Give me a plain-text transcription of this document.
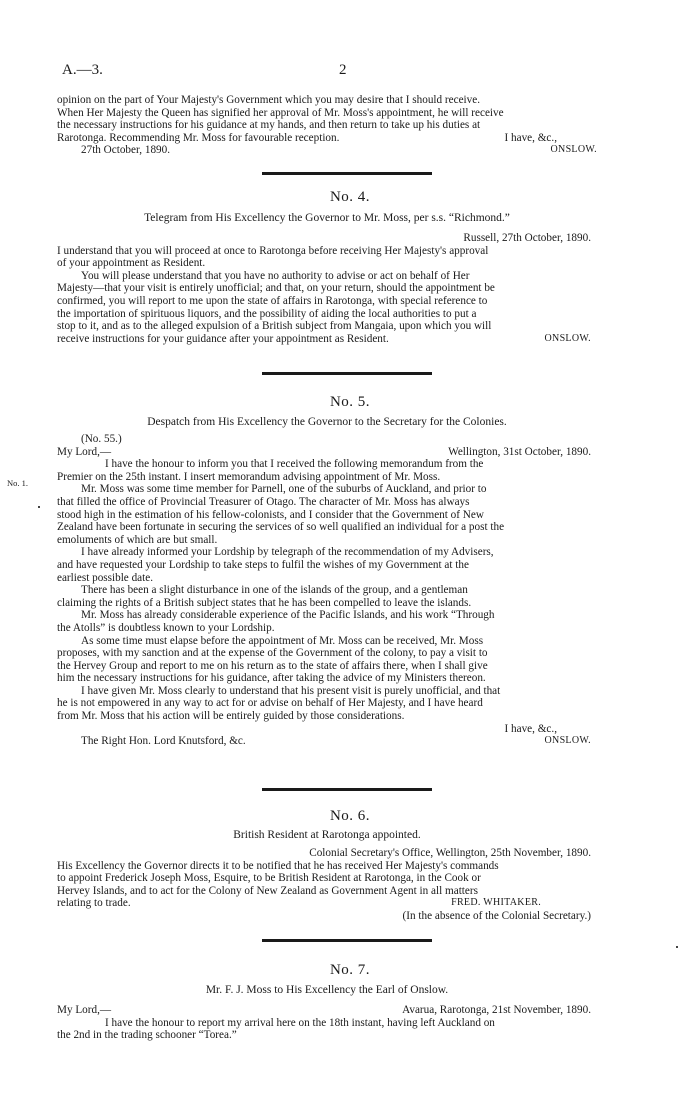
A.—3.	2
opinion on the part of Your Majesty's Government which you may desire that I should receive.
When Her Majesty the Queen has signified her approval of Mr. Moss's appointment, he will receive
the necessary instructions for his guidance at my hands, and then return to take up his duties at
Rarotonga. Recommending Mr. Moss for favourable reception.	I have, &c.,
27th October, 1890.	ONSLOW.
No. 4.
Telegram from His Excellency the Governor to Mr. Moss, per s.s. “Richmond.”
Russell, 27th October, 1890.
I understand that you will proceed at once to Rarotonga before receiving Her Majesty's approval
of your appointment as Resident.
You will please understand that you have no authority to advise or act on behalf of Her
Majesty—that your visit is entirely unofficial; and that, on your return, should the appointment be
confirmed, you will report to me upon the state of affairs in Rarotonga, with special reference to
the importation of spirituous liquors, and the possibility of aiding the local authorities to put a
stop to it, and as to the alleged expulsion of a British subject from Mangaia, upon which you will
receive instructions for your guidance after your appointment as Resident.	ONSLOW.
No. 5.
Despatch from His Excellency the Governor to the Secretary for the Colonies.
No. 1.
(No. 55.)
My Lord,—	Wellington, 31st October, 1890.
I have the honour to inform you that I received the following memorandum from the
Premier on the 25th instant. I insert memorandum advising appointment of Mr. Moss.
Mr. Moss was some time member for Parnell, one of the suburbs of Auckland, and prior to
that filled the office of Provincial Treasurer of Otago. The character of Mr. Moss has always
stood high in the estimation of his fellow-colonists, and I consider that the Government of New
Zealand have been fortunate in securing the services of so well qualified an individual for a post the
emoluments of which are but small.
I have already informed your Lordship by telegraph of the recommendation of my Advisers,
and have requested your Lordship to take steps to fulfil the wishes of my Government at the
earliest possible date.
There has been a slight disturbance in one of the islands of the group, and a gentleman
claiming the rights of a British subject states that he has been compelled to leave the islands.
Mr. Moss has already considerable experience of the Pacific Islands, and his work “Through
the Atolls” is doubtless known to your Lordship.
As some time must elapse before the appointment of Mr. Moss can be received, Mr. Moss
proposes, with my sanction and at the expense of the Government of the colony, to pay a visit to
the Hervey Group and report to me on his return as to the state of affairs there, when I shall give
him the necessary instructions for his guidance, after taking the advice of my Ministers thereon.
I have given Mr. Moss clearly to understand that his present visit is purely unofficial, and that
he is not empowered in any way to act for or advise on behalf of Her Majesty, and I have heard
from Mr. Moss that his action will be entirely guided by those considerations.
I have, &c.,
The Right Hon. Lord Knutsford, &c.	ONSLOW.
No. 6.
British Resident at Rarotonga appointed.
Colonial Secretary's Office, Wellington, 25th November, 1890.
His Excellency the Governor directs it to be notified that he has received Her Majesty's commands
to appoint Frederick Joseph Moss, Esquire, to be British Resident at Rarotonga, in the Cook or
Hervey Islands, and to act for the Colony of New Zealand as Government Agent in all matters
relating to trade.	FRED. WHITAKER.
(In the absence of the Colonial Secretary.)
No. 7.
Mr. F. J. Moss to His Excellency the Earl of Onslow.
My Lord,—	Avarua, Rarotonga, 21st November, 1890.
I have the honour to report my arrival here on the 18th instant, having left Auckland on
the 2nd in the trading schooner “Torea.”
